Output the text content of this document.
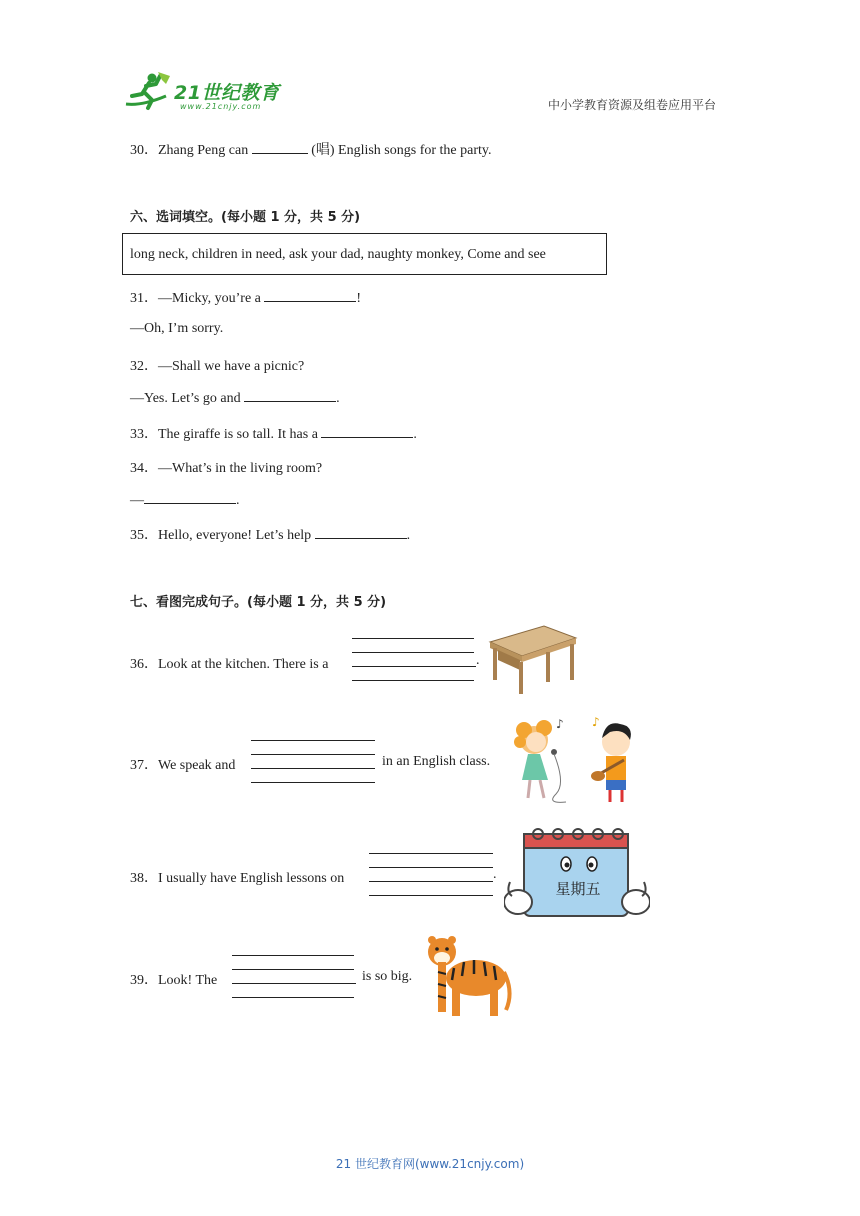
21世纪教育
www.21cnjy.com	中小学教育资源及组卷应用平台
30．Zhang Peng can	(唱) English songs for the party.
六、选词填空。(每小题 1 分，共 5 分)
long neck, children in need, ask your dad, naughty monkey, Come and see
31．—Micky, you’re a	!
—Oh, I’m sorry.
32．—Shall we have a picnic?
—Yes. Let’s go and	.
33．The giraffe is so tall. It has a	.
34．—What’s in the living room?
—	.
35．Hello, everyone! Let’s help	.
七、看图完成句子。(每小题 1 分，共 5 分)
36．Look at the kitchen. There is a	.
37．We speak and	in an English class.
♪ ♪
38．I usually have English lessons on	.
星期五
39．Look! The	is so big.
21 世纪教育网(www.21cnjy.com)
